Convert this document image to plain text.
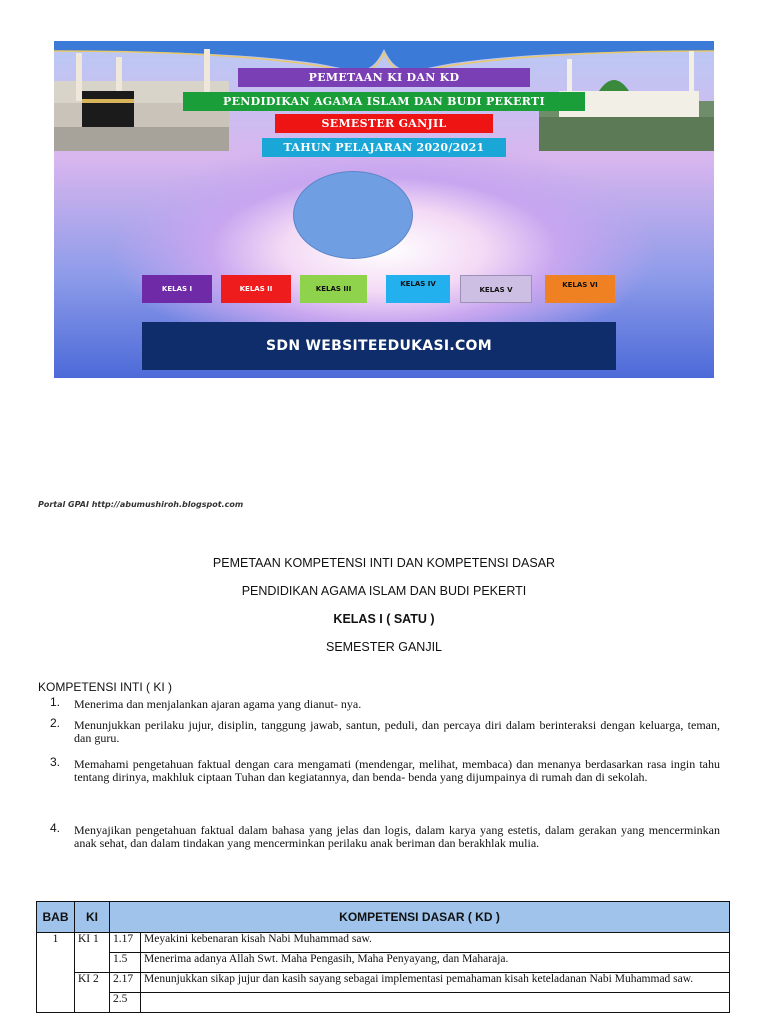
PEMETAAN KI DAN KD
PENDIDIKAN AGAMA ISLAM DAN BUDI PEKERTI
SEMESTER GANJIL
TAHUN PELAJARAN 2020/2021
KELAS I	KELAS II	KELAS III
KELAS IV
KELAS V
KELAS VI
SDN WEBSITEEDUKASI.COM
Portal GPAI http://abumushiroh.blogspot.com
PEMETAAN KOMPETENSI INTI DAN KOMPETENSI DASAR
PENDIDIKAN AGAMA ISLAM DAN BUDI PEKERTI
KELAS I ( SATU )
SEMESTER GANJIL
KOMPETENSI INTI ( KI )
1. Menerima dan menjalankan ajaran agama yang dianut- nya.
2. Menunjukkan perilaku jujur, disiplin, tanggung jawab, santun, peduli, dan percaya diri dalam berinteraksi dengan keluarga, teman, dan guru.
3. Memahami pengetahuan faktual dengan cara mengamati (mendengar, melihat, membaca) dan menanya berdasarkan rasa ingin tahu tentang dirinya, makhluk ciptaan Tuhan dan kegiatannya, dan benda- benda yang dijumpainya di rumah dan di sekolah.
4. Menyajikan pengetahuan faktual dalam bahasa yang jelas dan logis, dalam karya yang estetis, dalam gerakan yang mencerminkan anak sehat, dan dalam tindakan yang mencerminkan perilaku anak beriman dan berakhlak mulia.
BAB	KI	KOMPETENSI DASAR ( KD )	
1	KI 1	1.17	Meyakini kebenaran kisah Nabi Muhammad saw.
		1.5	Menerima adanya Allah Swt. Maha Pengasih, Maha Penyayang, dan Maharaja.
	KI 2	2.17	Menunjukkan sikap jujur dan kasih sayang sebagai implementasi pemahaman kisah keteladanan Nabi Muhammad saw.
		2.5	
